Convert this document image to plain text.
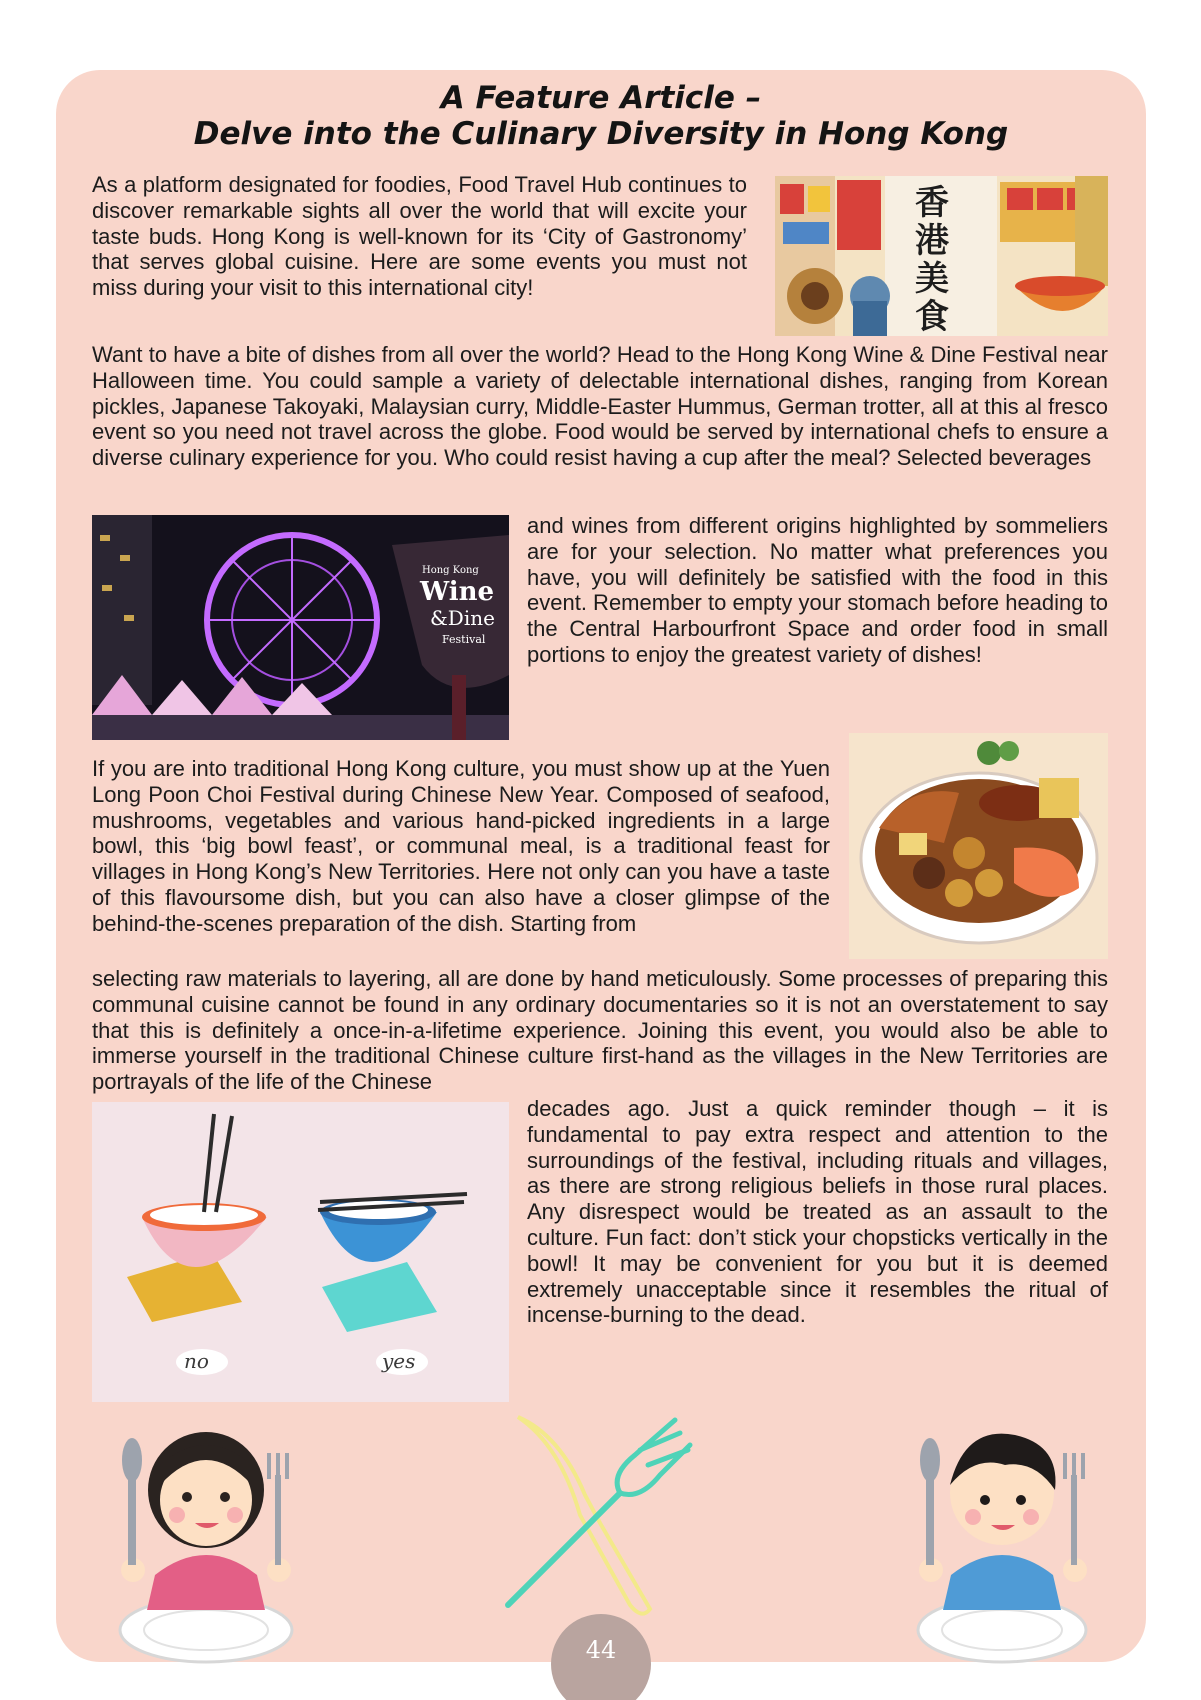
A Feature Article –
Delve into the Culinary Diversity in Hong Kong
As a platform designated for foodies, Food Travel Hub continues to discover remarkable sights all over the world that will excite your taste buds. Hong Kong is well-known for its ‘City of Gastronomy’ that serves global cuisine. Here are some events you must not miss during your visit to this international city!
香
港
美
食
Want to have a bite of dishes from all over the world? Head to the Hong Kong Wine & Dine Festival near Halloween time. You could sample a variety of delectable international dishes, ranging from Korean pickles, Japanese Takoyaki, Malaysian curry, Middle-Easter Hummus, German trotter, all at this al fresco event so you need not travel across the globe. Food would be served by international chefs to ensure a diverse culinary experience for you. Who could resist having a cup after the meal? Selected beverages
Hong Kong
Wine
&Dine
Festival
and wines from different origins highlighted by sommeliers are for your selection. No matter what preferences you have, you will definitely be satisfied with the food in this event. Remember to empty your stomach before heading to the Central Harbourfront Space and order food in small portions to enjoy the greatest variety of dishes!
If you are into traditional Hong Kong culture, you must show up at the Yuen Long Poon Choi Festival during Chinese New Year. Composed of seafood, mushrooms, vegetables and various hand-picked ingredients in a large bowl, this ‘big bowl feast’, or communal meal, is a traditional feast for villages in Hong Kong’s New Territories. Here not only can you have a taste of this flavoursome dish, but you can also have a closer glimpse of the behind-the-scenes preparation of the dish. Starting from
selecting raw materials to layering, all are done by hand meticulously. Some processes of preparing this communal cuisine cannot be found in any ordinary documentaries so it is not an overstatement to say that this is definitely a once-in-a-lifetime experience. Joining this event, you would also be able to immerse yourself in the traditional Chinese culture first-hand as the villages in the New Territories are portrayals of the life of the Chinese
no	yes
decades ago. Just a quick reminder though – it is fundamental to pay extra respect and attention to the surroundings of the festival, including rituals and villages, as there are strong religious beliefs in those rural places. Any disrespect would be treated as an assault to the culture. Fun fact: don’t stick your chopsticks vertically in the bowl! It may be convenient for you but it is deemed extremely unacceptable since it resembles the ritual of incense-burning to the dead.
44
